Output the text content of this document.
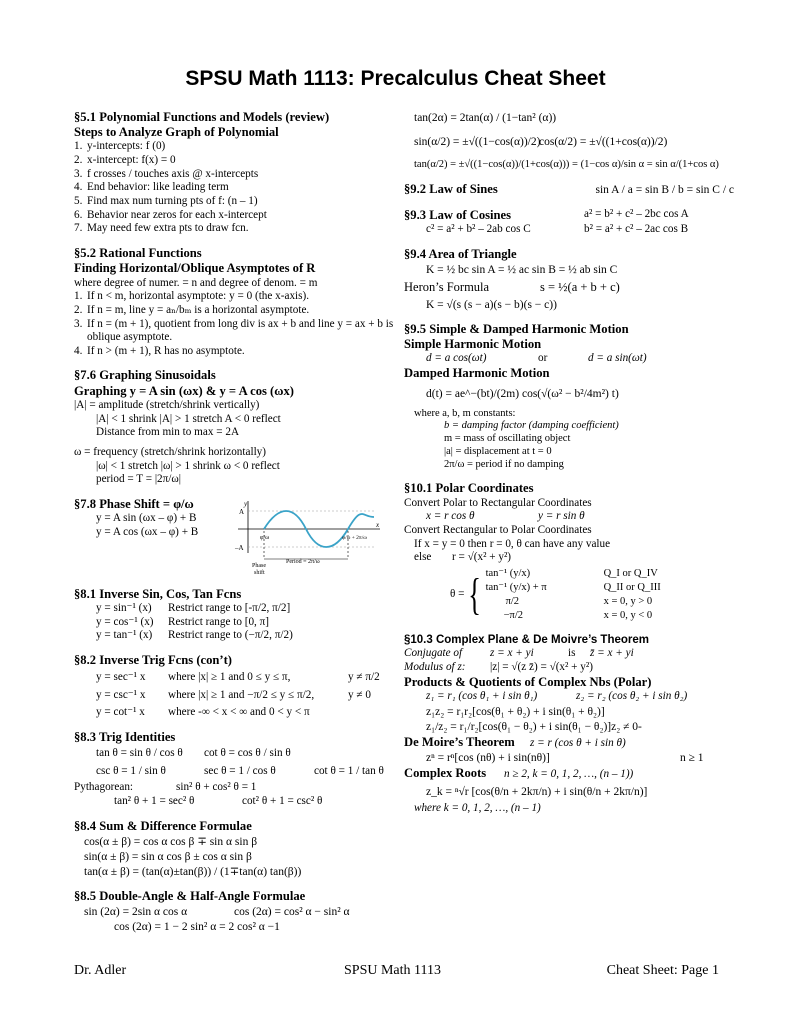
SPSU Math 1113: Precalculus Cheat Sheet
§5.1 Polynomial Functions and Models (review)
Steps to Analyze Graph of Polynomial
1. y-intercepts: f (0)
2. x-intercept: f(x) = 0
3. f crosses / touches axis @ x-intercepts
4. End behavior: like leading term
5. Find max num turning pts of f: (n – 1)
6. Behavior near zeros for each x-intercept
7. May need few extra pts to draw fcn.
§5.2 Rational Functions
Finding Horizontal/Oblique Asymptotes of R
where degree of numer. = n and degree of denom. = m
1. If n < m, horizontal asymptote: y = 0 (the x-axis).
2. If n = m, line y = aₙ/bₘ is a horizontal asymptote.
3. If n = (m + 1), quotient from long div is ax + b and line y = ax + b is oblique asymptote.
4. If n > (m + 1), R has no asymptote.
§7.6 Graphing Sinusoidals
Graphing y = A sin (ωx) & y = A cos (ωx)
|A| = amplitude (stretch/shrink vertically)
|A| < 1 shrink |A| > 1 stretch A < 0 reflect
Distance from min to max = 2A
ω = frequency (stretch/shrink horizontally)
|ω| < 1 stretch |ω| > 1 shrink ω < 0 reflect
period = T = |2π/ω|
§7.8 Phase Shift = φ/ω
y = A sin (ωx – φ) + B
y = A cos (ωx – φ) + B
y
A
–A
x
φ/ω
Phase
shift
Period = 2π/ω
φ/ω + 2π/ω
§8.1 Inverse Sin, Cos, Tan Fcns
y = sin⁻¹ (x) Restrict range to [-π/2, π/2]
y = cos⁻¹ (x) Restrict range to [0, π]
y = tan⁻¹ (x) Restrict range to (−π/2, π/2)
§8.2 Inverse Trig Fcns (con’t)
y = sec⁻¹ x where |x| ≥ 1 and 0 ≤ y ≤ π,	y ≠ π/2
y = csc⁻¹ x where |x| ≥ 1 and −π/2 ≤ y ≤ π/2,	y ≠ 0
y = cot⁻¹ x where -∞ < x < ∞ and 0 < y < π
§8.3 Trig Identities
tan θ = sin θ / cos θ cot θ = cos θ / sin θ
csc θ = 1 / sin θ	sec θ = 1 / cos θ	cot θ = 1 / tan θ
Pythagorean:	sin² θ + cos² θ = 1
tan² θ + 1 = sec² θ	cot² θ + 1 = csc² θ
§8.4 Sum & Difference Formulae
cos(α ± β) = cos α cos β ∓ sin α sin β
sin(α ± β) = sin α cos β ± cos α sin β
tan(α ± β) = (tan(α)±tan(β)) / (1∓tan(α) tan(β))
§8.5 Double-Angle & Half-Angle Formulae
sin (2α) = 2sin α cos α	cos (2α) = cos² α − sin² α
cos (2α) = 1 − 2 sin² α = 2 cos² α −1
tan(2α) = 2tan(α) / (1−tan² (α))
sin(α/2) = ±√((1−cos(α))/2)cos(α/2) = ±√((1+cos(α))/2)
tan(α/2) = ±√((1−cos(α))/(1+cos(α))) = (1−cos α)/sin α = sin α/(1+cos α)
§9.2 Law of Sines	sin A / a = sin B / b = sin C / c
§9.3 Law of Cosines	a² = b² + c² – 2bc cos A
c² = a² + b² – 2ab cos C	b² = a² + c² – 2ac cos B
§9.4 Area of Triangle
K = ½ bc sin A = ½ ac sin B = ½ ab sin C
Heron’s Formula	s = ½(a + b + c)
K = √(s (s − a)(s − b)(s − c))
§9.5 Simple & Damped Harmonic Motion
Simple Harmonic Motion
d = a cos(ωt)	or	d = a sin(ωt)
Damped Harmonic Motion
d(t) = ae^−(bt)/(2m) cos(√(ω² − b²/4m²) t)
where a, b, m constants:
b = damping factor (damping coefficient)
m = mass of oscillating object
|a| = displacement at t = 0
2π/ω = period if no damping
§10.1 Polar Coordinates
Convert Polar to Rectangular Coordinates
x = r cos θ	y = r sin θ
Convert Rectangular to Polar Coordinates
If x = y = 0 then r = 0, θ can have any value
else r = √(x² + y²)
θ = { tan⁻¹ (y/x)	Q_I or Q_IV
tan⁻¹ (y/x) + π	Q_II or Q_III
π/2	x = 0, y > 0
−π/2	x = 0, y < 0
§10.3 Complex Plane & De Moivre’s Theorem
Conjugate of z = x + yi	is z̄ = x + yi
Modulus of z: |z| = √(z z̄) = √(x² + y²)
Products & Quotients of Complex Nbs (Polar)
z₁ = r₁ (cos θ₁ + i sin θ₁)	z₂ = r₂ (cos θ₂ + i sin θ₂)
z₁z₂ = r₁r₂[cos(θ₁ + θ₂) + i sin(θ₁ + θ₂)]
z₁/z₂ = r₁/r₂[cos(θ₁ − θ₂) + i sin(θ₁ − θ₂)]z₂ ≠ 0-
De Moire’s Theorem z = r (cos θ + i sin θ)
zⁿ = rⁿ[cos (nθ) + i sin(nθ)]	n ≥ 1
Complex Roots n ≥ 2, k = 0, 1, 2, …, (n – 1))
z_k = ⁿ√r [cos(θ/n + 2kπ/n) + i sin(θ/n + 2kπ/n)]
where k = 0, 1, 2, …, (n – 1)
Dr. Adler	SPSU Math 1113	Cheat Sheet: Page 1
